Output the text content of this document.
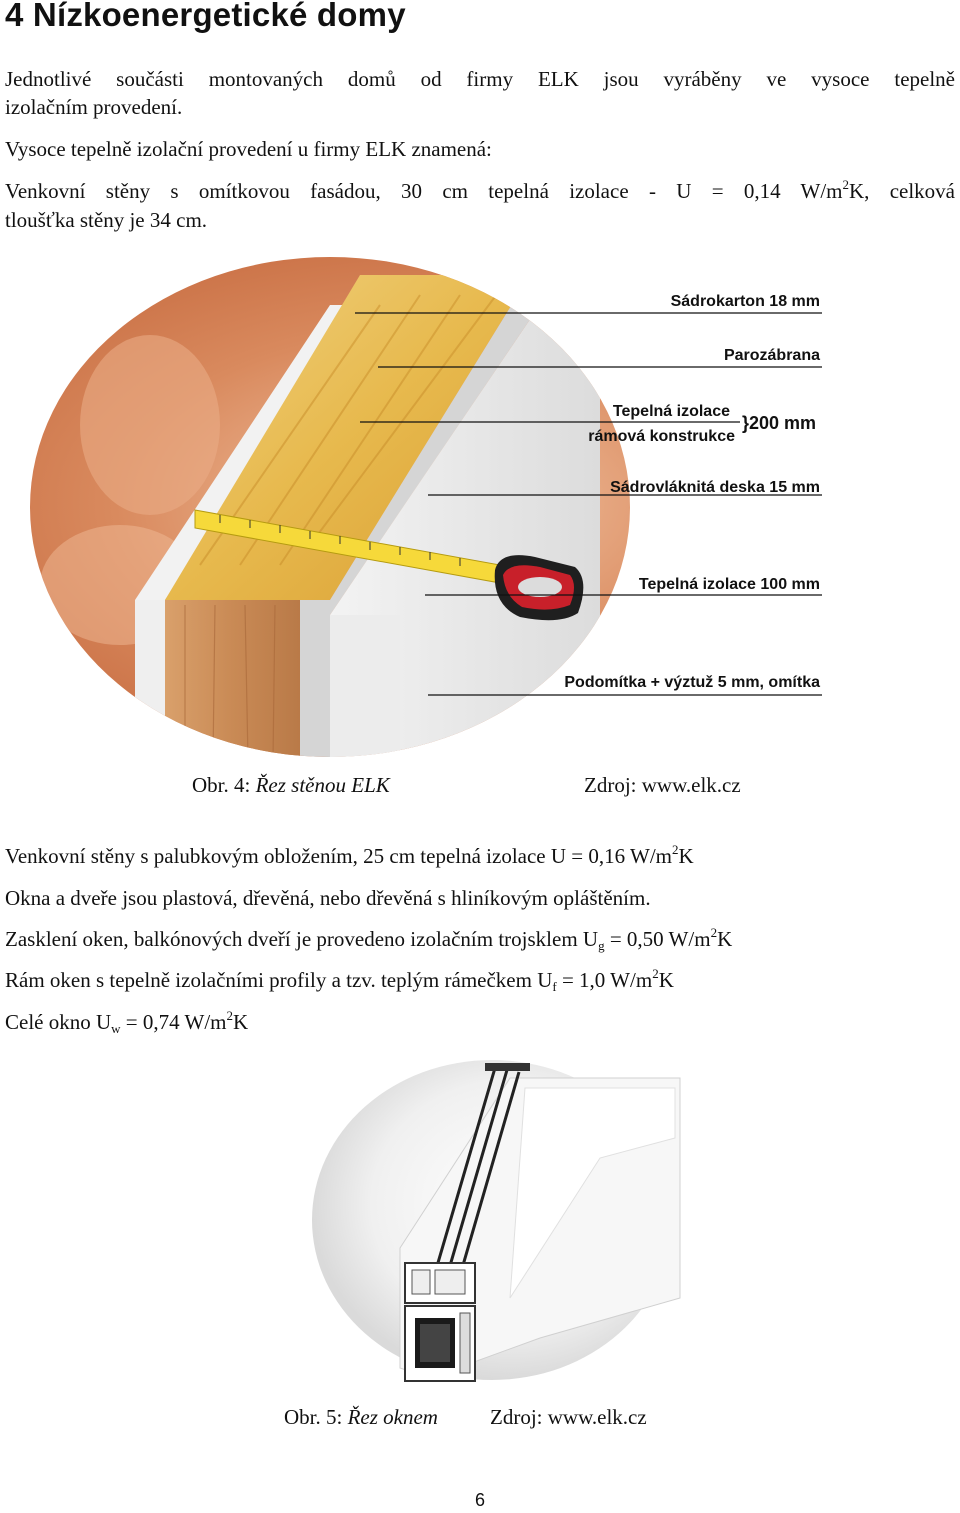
4 Nízkoenergetické domy

Jednotlivé součásti montovaných domů od firmy ELK jsou vyráběny ve vysoce tepelně

izolačním provedení.

Vysoce tepelně izolační provedení u firmy ELK znamená:

Venkovní stěny s omítkovou fasádou, 30 cm tepelná izolace - U = 0,14 $W/m^2K$, celková

tloušťka stěny je 34 cm.

Sádrokarton 18 mm
Parozábrana
Tepelná izolace
rámová konstrukce
}200 mm
Sádrovláknitá deska 15 mm
Tepelná izolace 100 mm
Podomítka + výztuž 5 mm, omítka
Obr. 4: Řez stěnou ELK	Zdroj: www.elk.cz

Venkovní stěny s palubkovým obložením, 25 cm tepelná izolace U = 0,16 $W/m^2K$

Okna a dveře jsou plastová, dřevěná, nebo dřevěná s hliníkovým opláštěním.

Zasklení oken, balkónových dveří je provedeno izolačním trojsklem $U_g = 0,50$ $W/m^2K$

Rám oken s tepelně izolačními profily a tzv. teplým rámečkem $U_f = 1,0$ $W/m^2K$

Celé okno $U_w = 0,74$ $W/m^2K$

Obr. 5: Řez oknem Zdroj: www.elk.cz
6
